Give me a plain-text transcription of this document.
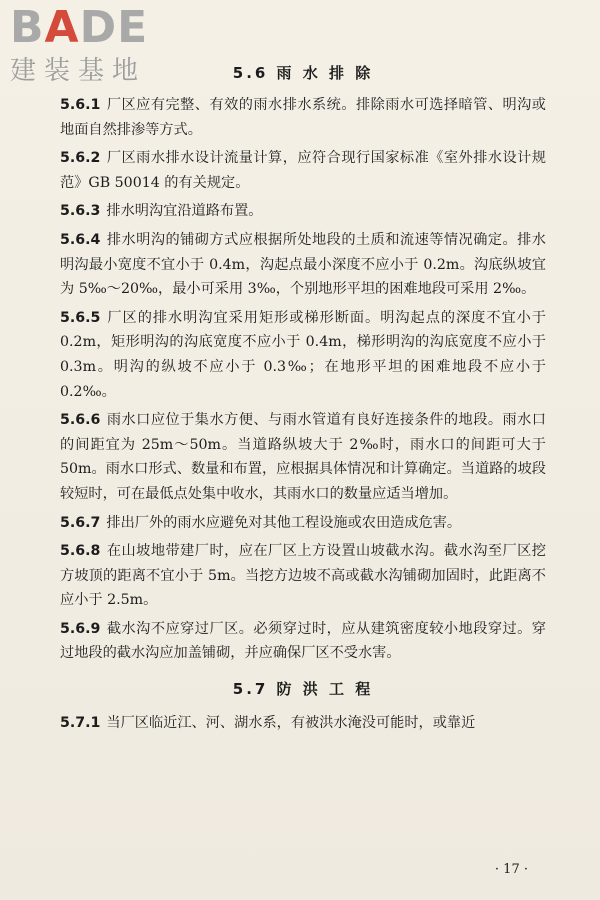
BADE
建装基地	5.6 雨 水 排 除

5.6.1 厂区应有完整、有效的雨水排水系统。排除雨水可选择暗管、明沟或地面自然排渗等方式。

5.6.2 厂区雨水排水设计流量计算，应符合现行国家标准《室外排水设计规范》GB 50014 的有关规定。

5.6.3 排水明沟宜沿道路布置。

5.6.4 排水明沟的铺砌方式应根据所处地段的土质和流速等情况确定。排水明沟最小宽度不宜小于 0.4m，沟起点最小深度不应小于 0.2m。沟底纵坡宜为 5‰～20‰，最小可采用 3‰，个别地形平坦的困难地段可采用 2‰。

5.6.5 厂区的排水明沟宜采用矩形或梯形断面。明沟起点的深度不宜小于 0.2m，矩形明沟的沟底宽度不应小于 0.4m，梯形明沟的沟底宽度不应小于 0.3m。明沟的纵坡不应小于 0.3‰；在地形平坦的困难地段不应小于 0.2‰。

5.6.6 雨水口应位于集水方便、与雨水管道有良好连接条件的地段。雨水口的间距宜为 25m～50m。当道路纵坡大于 2‰时，雨水口的间距可大于 50m。雨水口形式、数量和布置，应根据具体情况和计算确定。当道路的坡段较短时，可在最低点处集中收水，其雨水口的数量应适当增加。

5.6.7 排出厂外的雨水应避免对其他工程设施或农田造成危害。

5.6.8 在山坡地带建厂时，应在厂区上方设置山坡截水沟。截水沟至厂区挖方坡顶的距离不宜小于 5m。当挖方边坡不高或截水沟铺砌加固时，此距离不应小于 2.5m。

5.6.9 截水沟不应穿过厂区。必须穿过时，应从建筑密度较小地段穿过。穿过地段的截水沟应加盖铺砌，并应确保厂区不受水害。

5.7 防 洪 工 程

5.7.1 当厂区临近江、河、湖水系，有被洪水淹没可能时，或靠近

· 17 ·
